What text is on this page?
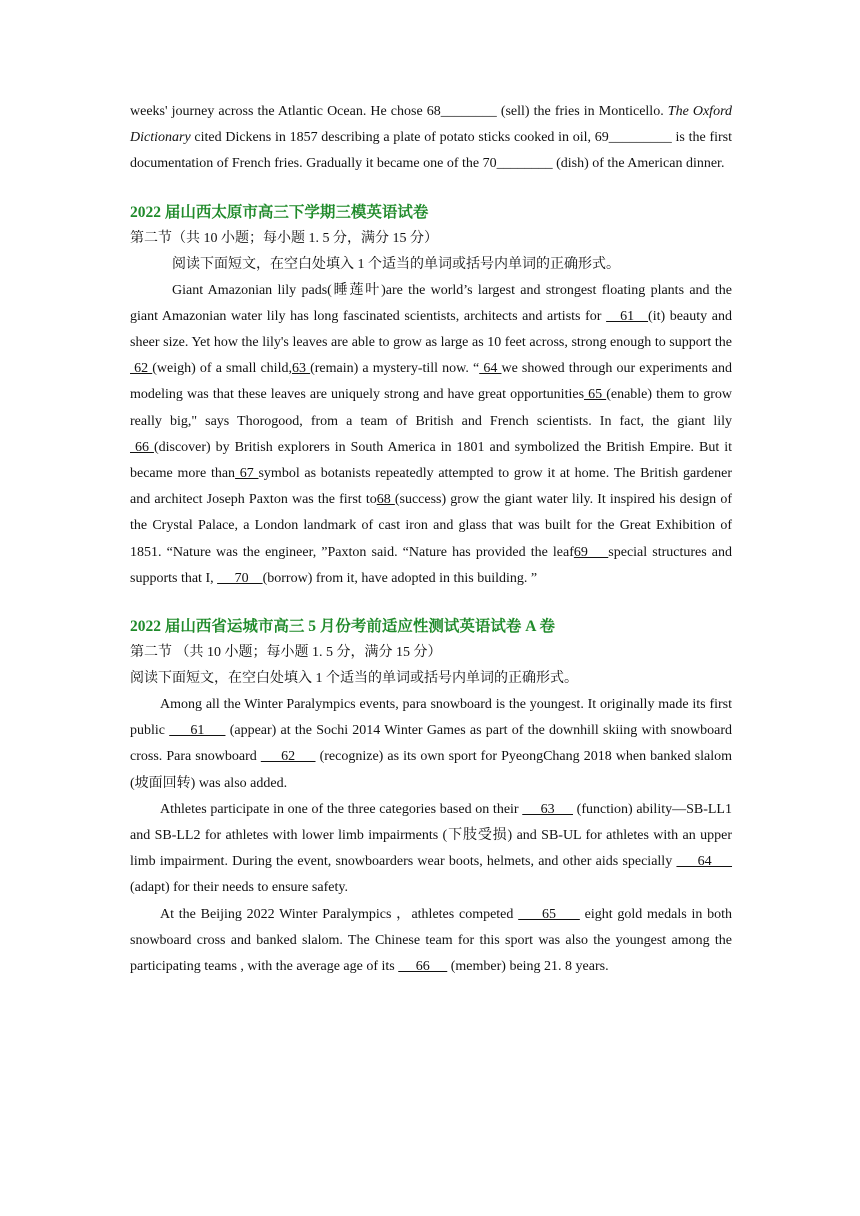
weeks' journey across the Atlantic Ocean. He chose 68________ (sell) the fries in Monticello. The Oxford Dictionary cited Dickens in 1857 describing a plate of potato sticks cooked in oil, 69_________ is the first documentation of French fries. Gradually it became one of the 70________ (dish) of the American dinner.

2022 届山西太原市高三下学期三模英语试卷

第二节（共 10 小题；每小题 1. 5 分，满分 15 分）

阅读下面短文，在空白处填入 1 个适当的单词或括号内单词的正确形式。

Giant Amazonian lily pads(睡莲叶)are the world’s largest and strongest floating plants and the giant Amazonian water lily has long fascinated scientists, architects and artists for    61   (it) beauty and sheer size. Yet how the lily's leaves are able to grow as large as 10 feet across, strong enough to support the 62 (weigh) of a small child,63 (remain) a mystery-till now. “ 64 we showed through our experiments and modeling was that these leaves are uniquely strong and have great opportunities 65 (enable) them to grow really big," says Thorogood, from a team of British and French scientists. In fact, the giant lily  66 (discover) by British explorers in South America in 1801 and symbolized the British Empire. But it became more than 67 symbol as botanists repeatedly attempted to grow it at home. The British gardener and architect Joseph Paxton was the first to68 (success) grow the giant water lily. It inspired his design of the Crystal Palace, a London landmark of cast iron and glass that was built for the Great Exhibition of 1851. “Nature was the engineer, ”Paxton said. “Nature has provided the leaf69    special structures and supports that I,      70    (borrow) from it, have adopted in this building. ”

2022 届山西省运城市高三 5 月份考前适应性测试英语试卷 A 卷

第二节 （共 10 小题；每小题 1. 5 分，满分 15 分）

阅读下面短文，在空白处填入 1 个适当的单词或括号内单词的正确形式。

Among all the Winter Paralympics events, para snowboard is the youngest. It originally made its first public      61      (appear) at the Sochi 2014 Winter Games as part of the downhill skiing with snowboard cross. Para snowboard      62      (recognize) as its own sport for PyeongChang 2018 when banked slalom (坡面回转) was also added.

Athletes participate in one of the three categories based on their      63      (function) ability—SB-LL1 and SB-LL2 for athletes with lower limb impairments (下肢受损) and SB-UL for athletes with an upper limb impairment. During the event, snowboarders wear boots, helmets, and other aids specially      64      (adapt) for their needs to ensure safety.

At the Beijing 2022 Winter Paralympics ，athletes competed      65      eight gold medals in both snowboard cross and banked slalom. The Chinese team for this sport was also the youngest among the participating teams , with the average age of its      66      (member) being 21. 8 years.
